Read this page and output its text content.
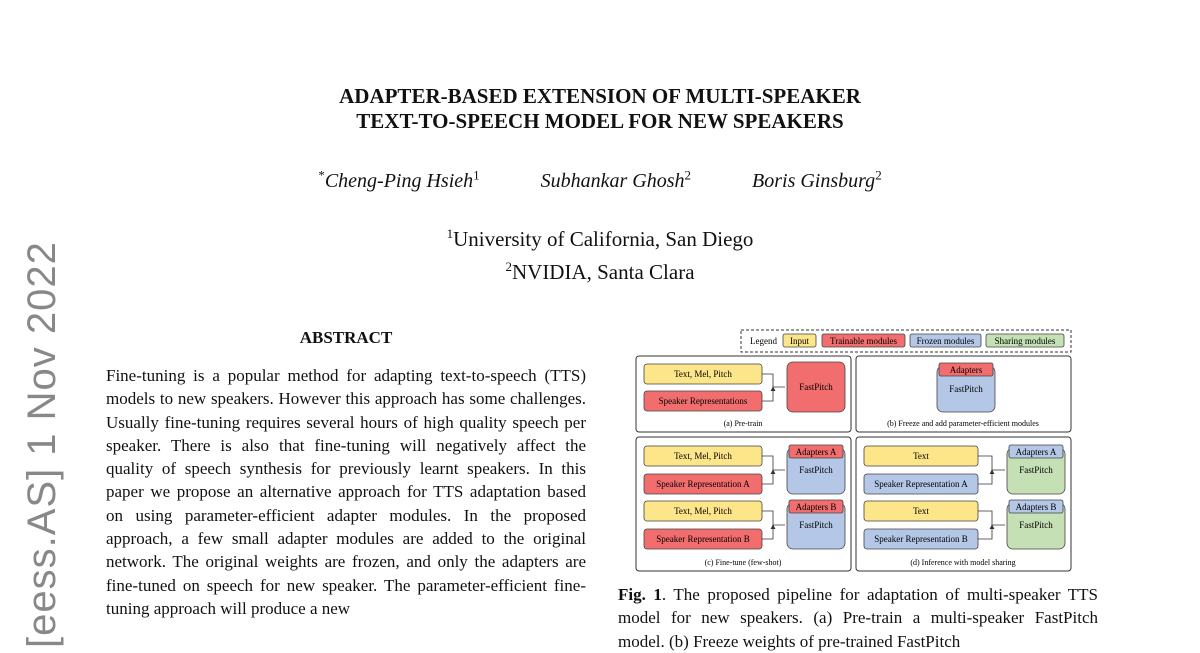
ADAPTER-BASED EXTENSION OF MULTI-SPEAKER
TEXT-TO-SPEECH MODEL FOR NEW SPEAKERS
*Cheng-Ping Hsieh$^1$	Subhankar Ghosh$^2$	Boris Ginsburg$^2$
$^1$University of California, San Diego
$^2$NVIDIA, Santa Clara
[eess.AS] 1 Nov 2022	ABSTRACT

Fine-tuning is a popular method for adapting text-to-speech (TTS) models to new speakers. However this approach has some challenges. Usually fine-tuning requires several hours of high quality speech per speaker. There is also that fine-tuning will negatively affect the quality of speech synthesis for previously learnt speakers. In this paper we propose an alternative approach for TTS adaptation based on using parameter-efficient adapter modules. In the proposed approach, a few small adapter modules are added to the original network. The original weights are frozen, and only the adapters are fine-tuned on speech for new speaker. The parameter-efficient fine-tuning approach will produce a new

Legend Input Trainable modules Frozen modules Sharing modules
Text, Mel, Pitch
Speaker Representations
FastPitch
(a) Pre-train
Adapters
FastPitch
(b) Freeze and add parameter-efficient modules
Text, Mel, Pitch
Speaker Representation A
Adapters A
FastPitch
Text, Mel, Pitch
Speaker Representation B
Adapters B
FastPitch
(c) Fine-tune (few-shot)
Text
Speaker Representation A
Adapters A
FastPitch
Text
Speaker Representation B
Adapters B
FastPitch
(d) Inference with model sharing
Fig. 1. The proposed pipeline for adaptation of multi-speaker TTS model for new speakers. (a) Pre-train a multi-speaker FastPitch model. (b) Freeze weights of pre-trained FastPitch
